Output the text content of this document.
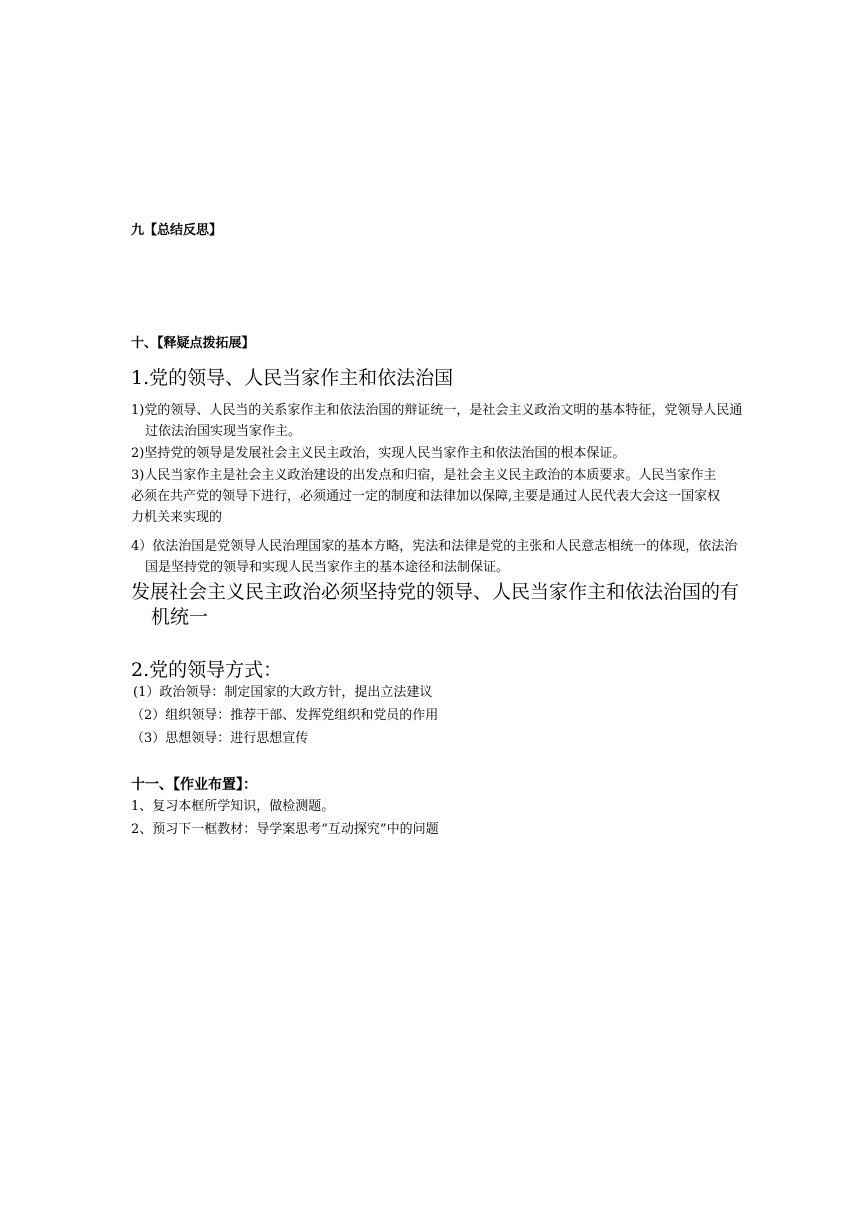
九【总结反思】

十、【释疑点拨拓展】

1.党的领导、人民当家作主和依法治国

1)党的领导、人民当的关系家作主和依法治国的辩证统一，是社会主义政治文明的基本特征，党领导人民通过依法治国实现当家作主。

2)坚持党的领导是发展社会主义民主政治，实现人民当家作主和依法治国的根本保证。

3)人民当家作主是社会主义政治建设的出发点和归宿，是社会主义民主政治的本质要求。人民当家作主必须在共产党的领导下进行，必须通过一定的制度和法律加以保障,主要是通过人民代表大会这一国家权力机关来实现的

4）依法治国是党领导人民治理国家的基本方略，宪法和法律是党的主张和人民意志相统一的体现，依法治国是坚持党的领导和实现人民当家作主的基本途径和法制保证。

发展社会主义民主政治必须坚持党的领导、人民当家作主和依法治国的有机统一

2.党的领导方式：

(1）政治领导：制定国家的大政方针，提出立法建议

（2）组织领导：推荐干部、发挥党组织和党员的作用

（3）思想领导：进行思想宣传

十一、【作业布置】：

1、复习本框所学知识，做检测题。

2、预习下一框教材：导学案思考“互动探究”中的问题
